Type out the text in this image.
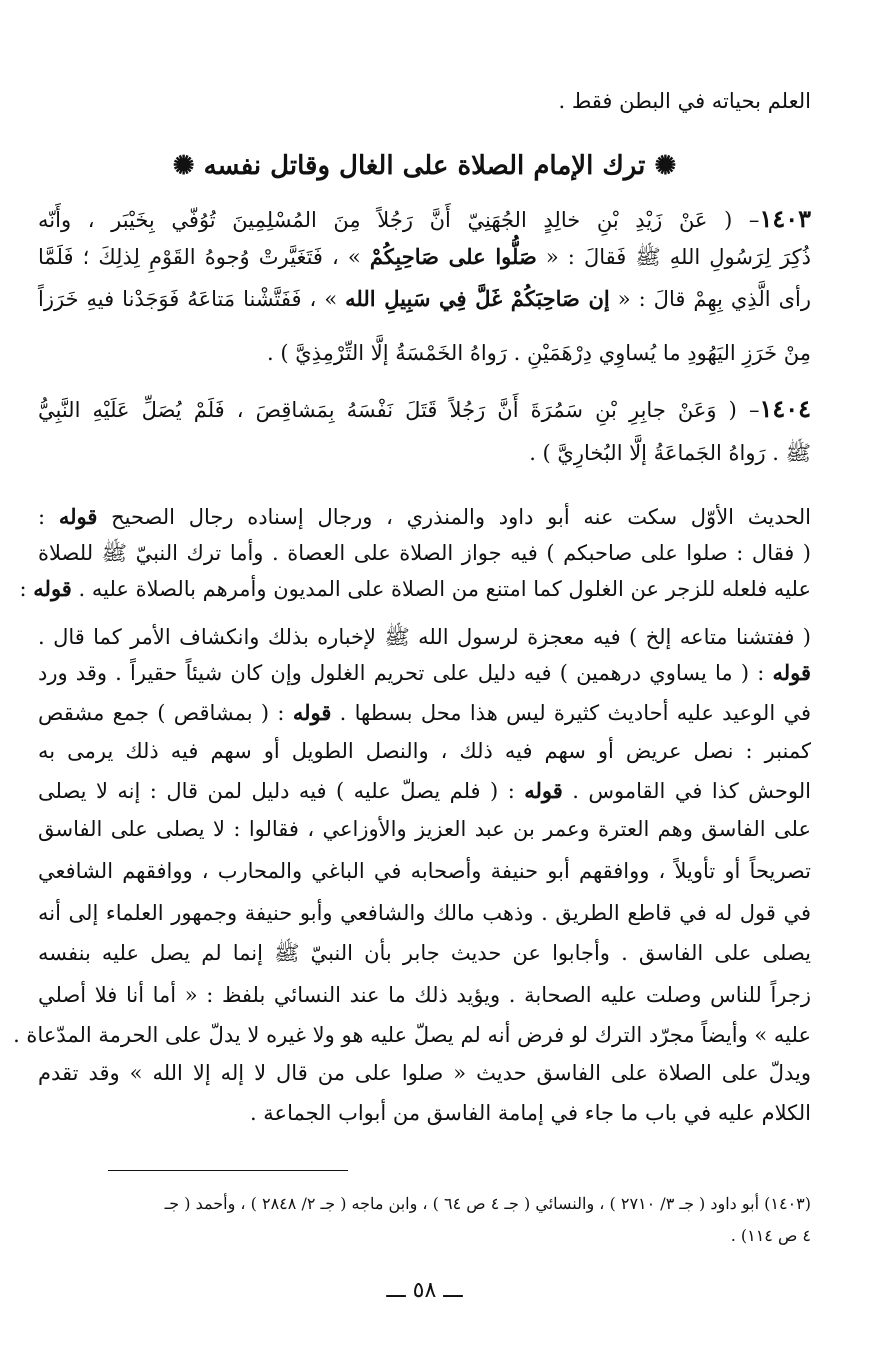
العلم بحياته في البطن فقط .
✺ ترك الإمام الصلاة على الغال وقاتل نفسه ✺
١٤٠٣– ( عَنْ زَيْدِ بْنِ خالِدٍ الجُهَنِيّ أَنَّ رَجُلاً مِنَ المُسْلِمِينَ تُوُفّي بِخَيْبَر ، وأَنّه
ذُكِرَ لِرَسُولِ اللهِ ﷺ فَقالَ : « صَلُّوا على صَاحِبِكُمْ » ، فَتَغَيَّرتْ وُجوهُ القَوْمِ لِذلِكَ ؛ فَلَمَّا
رأى الَّذِي بِهِمْ قالَ : « إن صَاحِبَكُمْ غَلَّ فِي سَبِيلِ الله » ، فَفَتَّشْنا مَتاعَهُ فَوَجَدْنا فيهِ خَرَزاً
مِنْ خَرَزِ اليَهُودِ ما يُساوِي دِرْهَمَيْنِ . رَواهُ الخَمْسَةُ إلَّا التِّرْمِذِيَّ ) .
١٤٠٤– ( وَعَنْ جابِرِ بْنِ سَمُرَةَ أَنَّ رَجُلاً قَتَلَ نَفْسَهُ بِمَشاقِصَ ، فَلَمْ يُصَلِّ عَلَيْهِ النَّبِيُّ
ﷺ . رَواهُ الجَماعَةُ إلَّا البُخارِيَّ ) .
الحديث الأوّل سكت عنه أبو داود والمنذري ، ورجال إسناده رجال الصحيح قوله :
( فقال : صلوا على صاحبكم ) فيه جواز الصلاة على العصاة . وأما ترك النبيّ ﷺ للصلاة
عليه فلعله للزجر عن الغلول كما امتنع من الصلاة على المديون وأمرهم بالصلاة عليه . قوله :
( ففتشنا متاعه إلخ ) فيه معجزة لرسول الله ﷺ لإخباره بذلك وانكشاف الأمر كما قال .
قوله : ( ما يساوي درهمين ) فيه دليل على تحريم الغلول وإن كان شيئاً حقيراً . وقد ورد
في الوعيد عليه أحاديث كثيرة ليس هذا محل بسطها . قوله : ( بمشاقص ) جمع مشقص
كمنبر : نصل عريض أو سهم فيه ذلك ، والنصل الطويل أو سهم فيه ذلك يرمى به
الوحش كذا في القاموس . قوله : ( فلم يصلّ عليه ) فيه دليل لمن قال : إنه لا يصلى
على الفاسق وهم العترة وعمر بن عبد العزيز والأوزاعي ، فقالوا : لا يصلى على الفاسق
تصريحاً أو تأويلاً ، ووافقهم أبو حنيفة وأصحابه في الباغي والمحارب ، ووافقهم الشافعي
في قول له في قاطع الطريق . وذهب مالك والشافعي وأبو حنيفة وجمهور العلماء إلى أنه
يصلى على الفاسق . وأجابوا عن حديث جابر بأن النبيّ ﷺ إنما لم يصل عليه بنفسه
زجراً للناس وصلت عليه الصحابة . ويؤيد ذلك ما عند النسائي بلفظ : « أما أنا فلا أصلي
عليه » وأيضاً مجرّد الترك لو فرض أنه لم يصلّ عليه هو ولا غيره لا يدلّ على الحرمة المدّعاة .
ويدلّ على الصلاة على الفاسق حديث « صلوا على من قال لا إله إلا الله » وقد تقدم
الكلام عليه في باب ما جاء في إمامة الفاسق من أبواب الجماعة .
(١٤٠٣) أبو داود ( جـ ٣/ ٢٧١٠ ) ، والنسائي ( جـ ٤ ص ٦٤ ) ، وابن ماجه ( جـ ٢/ ٢٨٤٨ ) ، وأحمد ( جـ
٤ ص ١١٤) .
ـــ ٥٨ ـــ
